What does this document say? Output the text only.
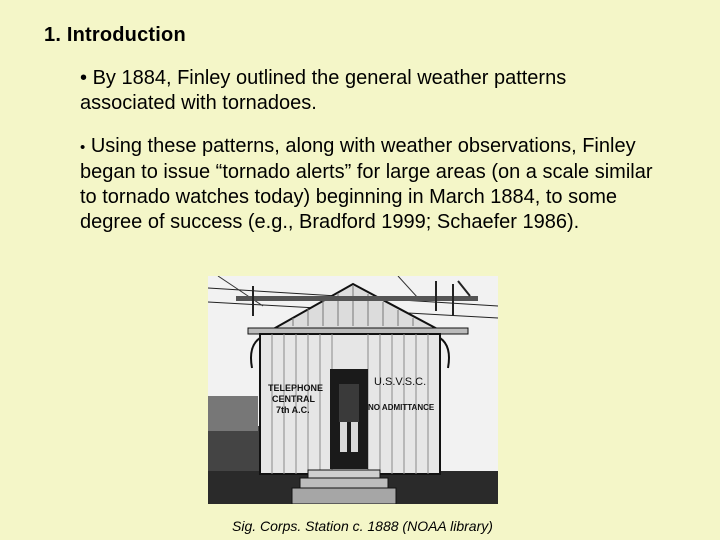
1. Introduction
• By 1884, Finley outlined the general weather patterns associated with tornadoes.
• Using these patterns, along with weather observations, Finley began to issue “tornado alerts” for large areas (on a scale similar to tornado watches today) beginning in March 1884, to some degree of success (e.g., Bradford 1999; Schaefer 1986).
TELEPHONE
CENTRAL
7th A.C.
U.S.V.S.C.
NO ADMITTANCE
Sig. Corps. Station c. 1888 (NOAA library)
